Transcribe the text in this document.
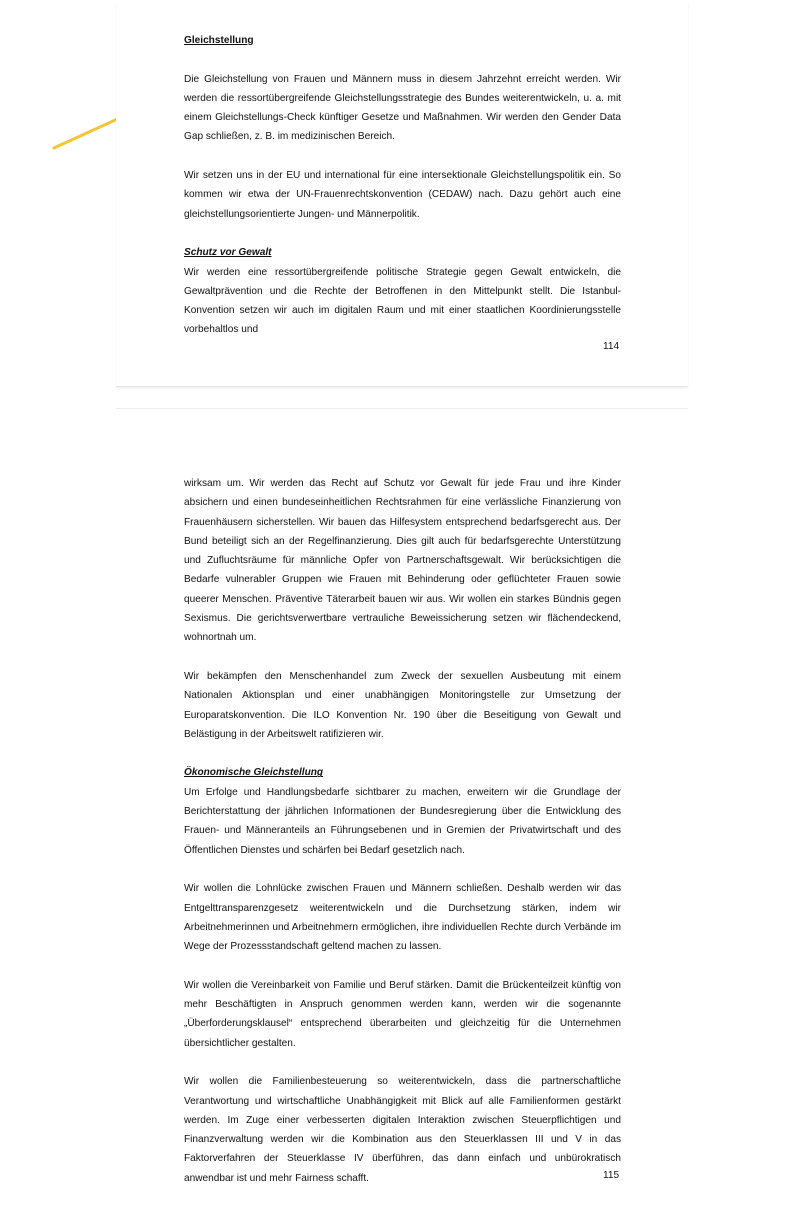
Gleichstellung

Die Gleichstellung von Frauen und Männern muss in diesem Jahrzehnt erreicht werden. Wir werden die ressortübergreifende Gleichstellungsstrategie des Bundes weiterentwickeln, u. a. mit einem Gleichstellungs-Check künftiger Gesetze und Maßnahmen. Wir werden den Gender Data Gap schließen, z. B. im medizinischen Bereich.

Wir setzen uns in der EU und international für eine intersektionale Gleichstellungspolitik ein. So kommen wir etwa der UN-Frauenrechtskonvention (CEDAW) nach. Dazu gehört auch eine gleichstellungsorientierte Jungen- und Männerpolitik.

Schutz vor Gewalt

Wir werden eine ressortübergreifende politische Strategie gegen Gewalt entwickeln, die Gewaltprävention und die Rechte der Betroffenen in den Mittelpunkt stellt. Die Istanbul-Konvention setzen wir auch im digitalen Raum und mit einer staatlichen Koordinierungsstelle vorbehaltlos und

114

wirksam um. Wir werden das Recht auf Schutz vor Gewalt für jede Frau und ihre Kinder absichern und einen bundeseinheitlichen Rechtsrahmen für eine verlässliche Finanzierung von Frauenhäusern sicherstellen. Wir bauen das Hilfesystem entsprechend bedarfsgerecht aus. Der Bund beteiligt sich an der Regelfinanzierung. Dies gilt auch für bedarfsgerechte Unterstützung und Zufluchtsräume für männliche Opfer von Partnerschaftsgewalt. Wir berücksichtigen die Bedarfe vulnerabler Gruppen wie Frauen mit Behinderung oder geflüchteter Frauen sowie queerer Menschen. Präventive Täterarbeit bauen wir aus. Wir wollen ein starkes Bündnis gegen Sexismus. Die gerichtsverwertbare vertrauliche Beweissicherung setzen wir flächendeckend, wohnortnah um.

Wir bekämpfen den Menschenhandel zum Zweck der sexuellen Ausbeutung mit einem Nationalen Aktionsplan und einer unabhängigen Monitoringstelle zur Umsetzung der Europaratskonvention. Die ILO Konvention Nr. 190 über die Beseitigung von Gewalt und Belästigung in der Arbeitswelt ratifizieren wir.

Ökonomische Gleichstellung

Um Erfolge und Handlungsbedarfe sichtbarer zu machen, erweitern wir die Grundlage der Berichterstattung der jährlichen Informationen der Bundesregierung über die Entwicklung des Frauen- und Männeranteils an Führungsebenen und in Gremien der Privatwirtschaft und des Öffentlichen Dienstes und schärfen bei Bedarf gesetzlich nach.

Wir wollen die Lohnlücke zwischen Frauen und Männern schließen. Deshalb werden wir das Entgelttransparenzgesetz weiterentwickeln und die Durchsetzung stärken, indem wir Arbeitnehmerinnen und Arbeitnehmern ermöglichen, ihre individuellen Rechte durch Verbände im Wege der Prozessstandschaft geltend machen zu lassen.

Wir wollen die Vereinbarkeit von Familie und Beruf stärken. Damit die Brückenteilzeit künftig von mehr Beschäftigten in Anspruch genommen werden kann, werden wir die sogenannte „Überforderungsklausel“ entsprechend überarbeiten und gleichzeitig für die Unternehmen übersichtlicher gestalten.

Wir wollen die Familienbesteuerung so weiterentwickeln, dass die partnerschaftliche Verantwortung und wirtschaftliche Unabhängigkeit mit Blick auf alle Familienformen gestärkt werden. Im Zuge einer verbesserten digitalen Interaktion zwischen Steuerpflichtigen und Finanzverwaltung werden wir die Kombination aus den Steuerklassen III und V in das Faktorverfahren der Steuerklasse IV überführen, das dann einfach und unbürokratisch anwendbar ist und mehr Fairness schafft.	115
